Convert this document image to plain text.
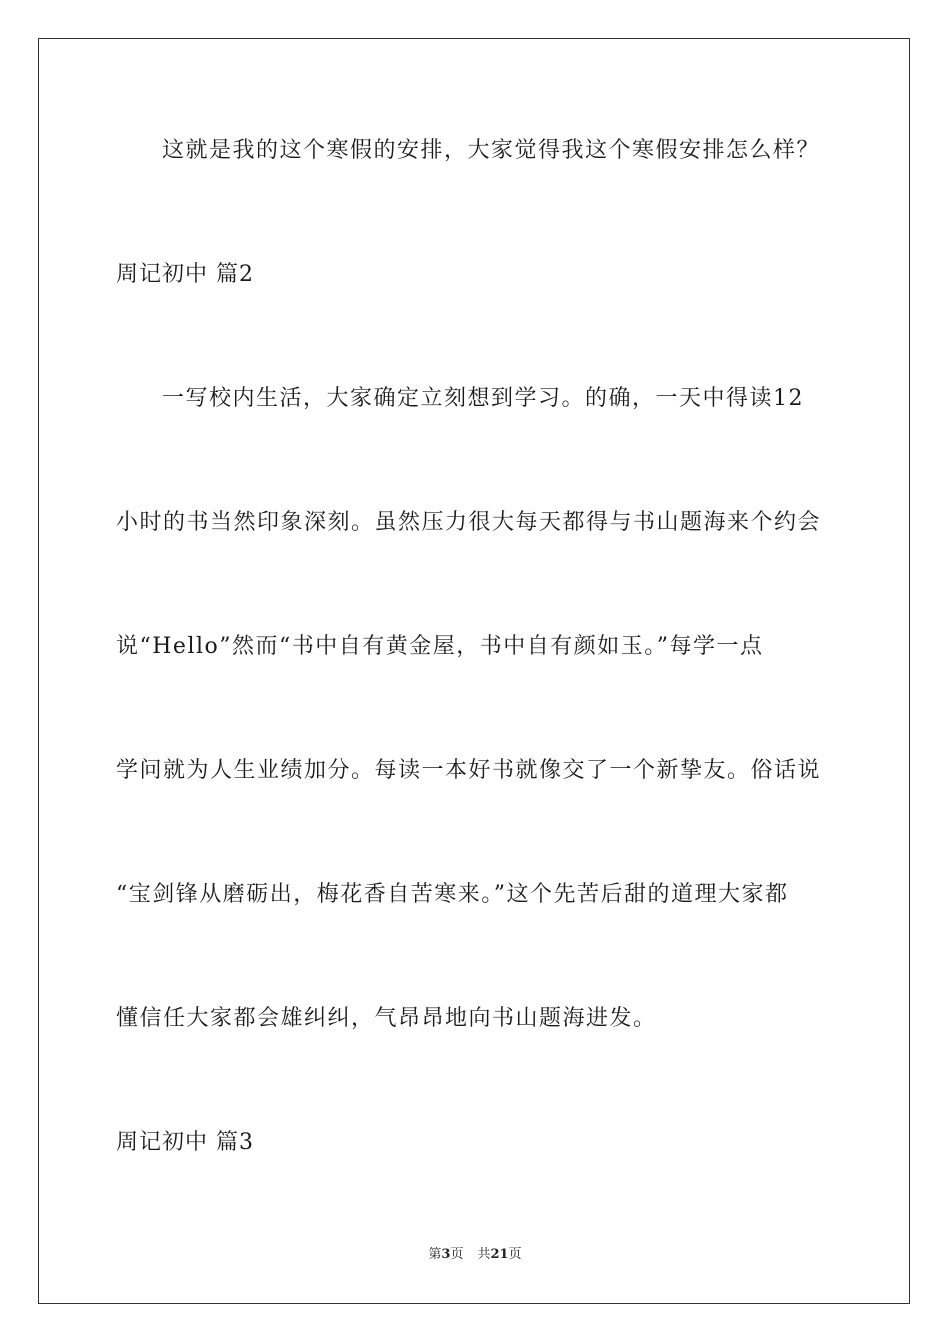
这就是我的这个寒假的安排，大家觉得我这个寒假安排怎么样？
周记初中 篇2
一写校内生活，大家确定立刻想到学习。的确，一天中得读12
小时的书当然印象深刻。虽然压力很大每天都得与书山题海来个约会
说“Hello”然而“书中自有黄金屋，书中自有颜如玉。”每学一点
学问就为人生业绩加分。每读一本好书就像交了一个新挚友。俗话说
“宝剑锋从磨砺出，梅花香自苦寒来。”这个先苦后甜的道理大家都
懂信任大家都会雄纠纠，气昂昂地向书山题海进发。
周记初中 篇3
第3页 共21页
